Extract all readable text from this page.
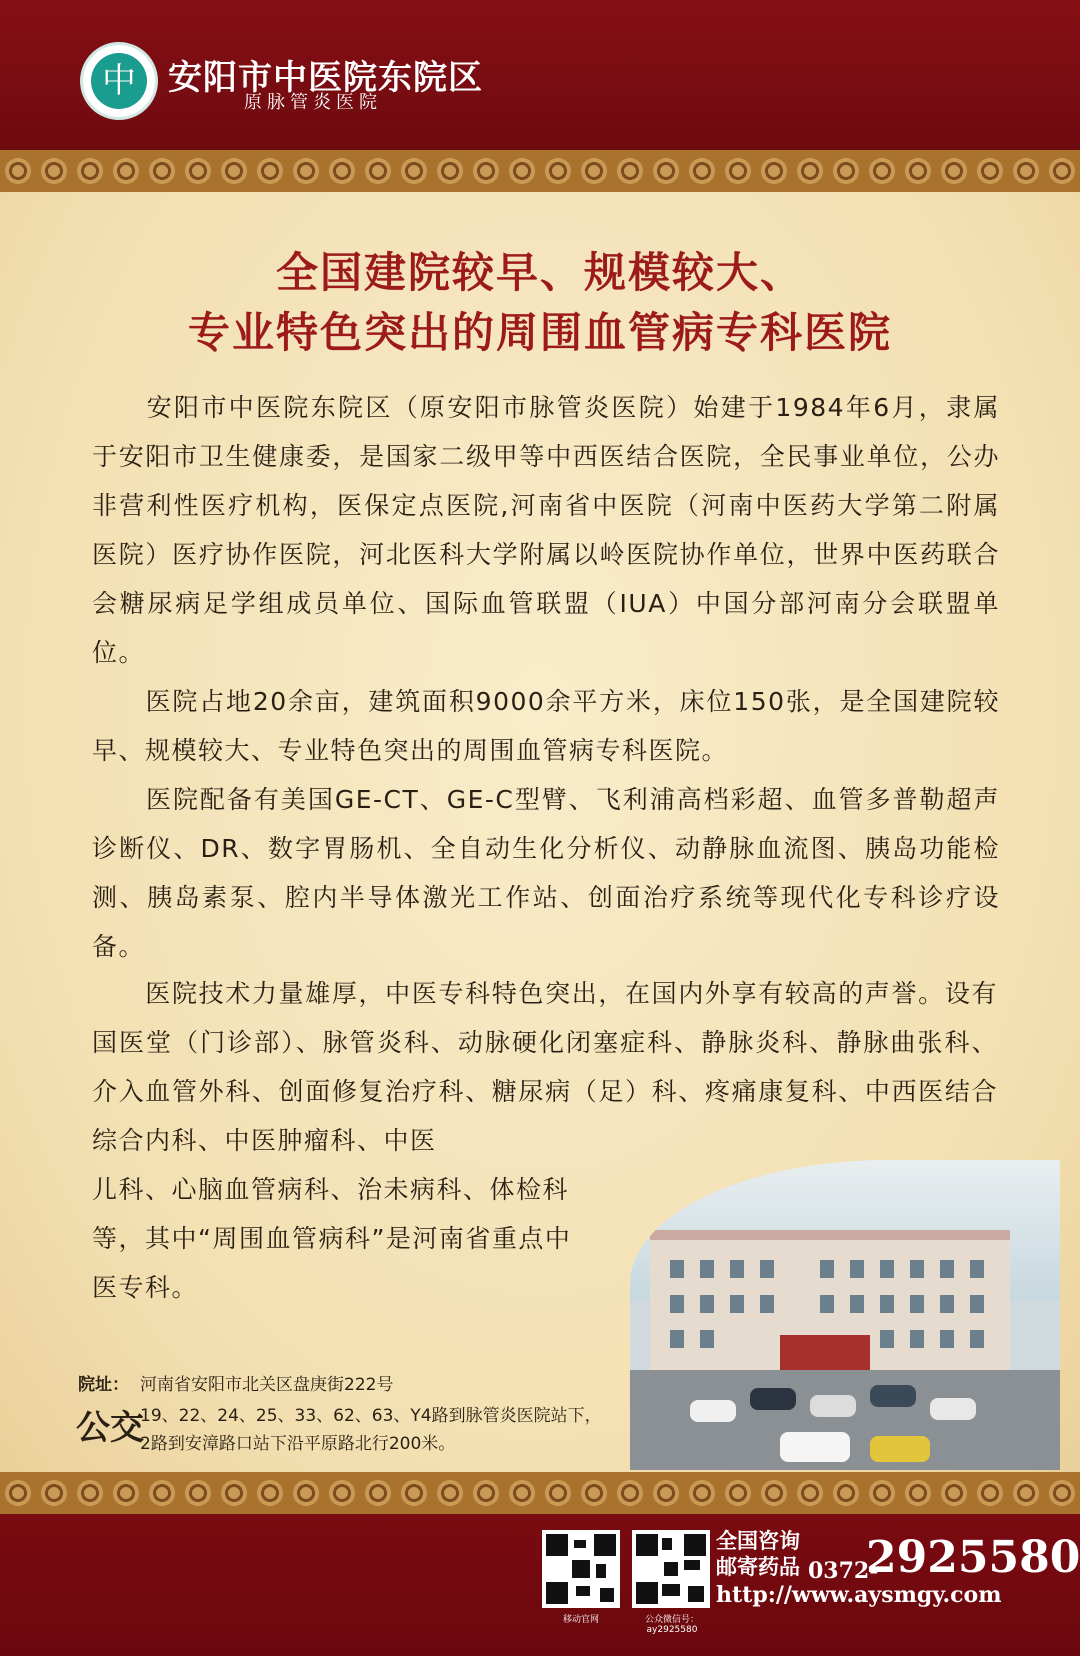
中 安阳市中医院东院区
原脉管炎医院
全国建院较早、规模较大、
专业特色突出的周围血管病专科医院

　　安阳市中医院东院区（原安阳市脉管炎医院）始建于1984年6月，隶属于安阳市卫生健康委，是国家二级甲等中西医结合医院，全民事业单位，公办非营利性医疗机构，医保定点医院,河南省中医院（河南中医药大学第二附属医院）医疗协作医院，河北医科大学附属以岭医院协作单位，世界中医药联合会糖尿病足学组成员单位、国际血管联盟（IUA）中国分部河南分会联盟单位。

　　医院占地20余亩，建筑面积9000余平方米，床位150张，是全国建院较早、规模较大、专业特色突出的周围血管病专科医院。

　　医院配备有美国GE-CT、GE-C型臂、飞利浦高档彩超、血管多普勒超声诊断仪、DR、数字胃肠机、全自动生化分析仪、动静脉血流图、胰岛功能检测、胰岛素泵、腔内半导体激光工作站、创面治疗系统等现代化专科诊疗设备。

　　医院技术力量雄厚，中医专科特色突出，在国内外享有较高的声誉。设有国医堂（门诊部）、脉管炎科、动脉硬化闭塞症科、静脉炎科、静脉曲张科、介入血管外科、创面修复治疗科、糖尿病（足）科、疼痛康复科、中西医结合综合内科、中医肿瘤科、中医

儿科、心脑血管病科、治未病科、体检科等，其中“周围血管病科”是河南省重点中医专科。

院址： 河南省安阳市北关区盘庚街222号
公交
19、22、24、25、33、62、63、Y4路到脉管炎医院站下，
2路到安漳路口站下沿平原路北行200米。
移动官网	公众微信号：ay2925580
全国咨询
邮寄药品 0372-
2925580
http://www.aysmgy.com
